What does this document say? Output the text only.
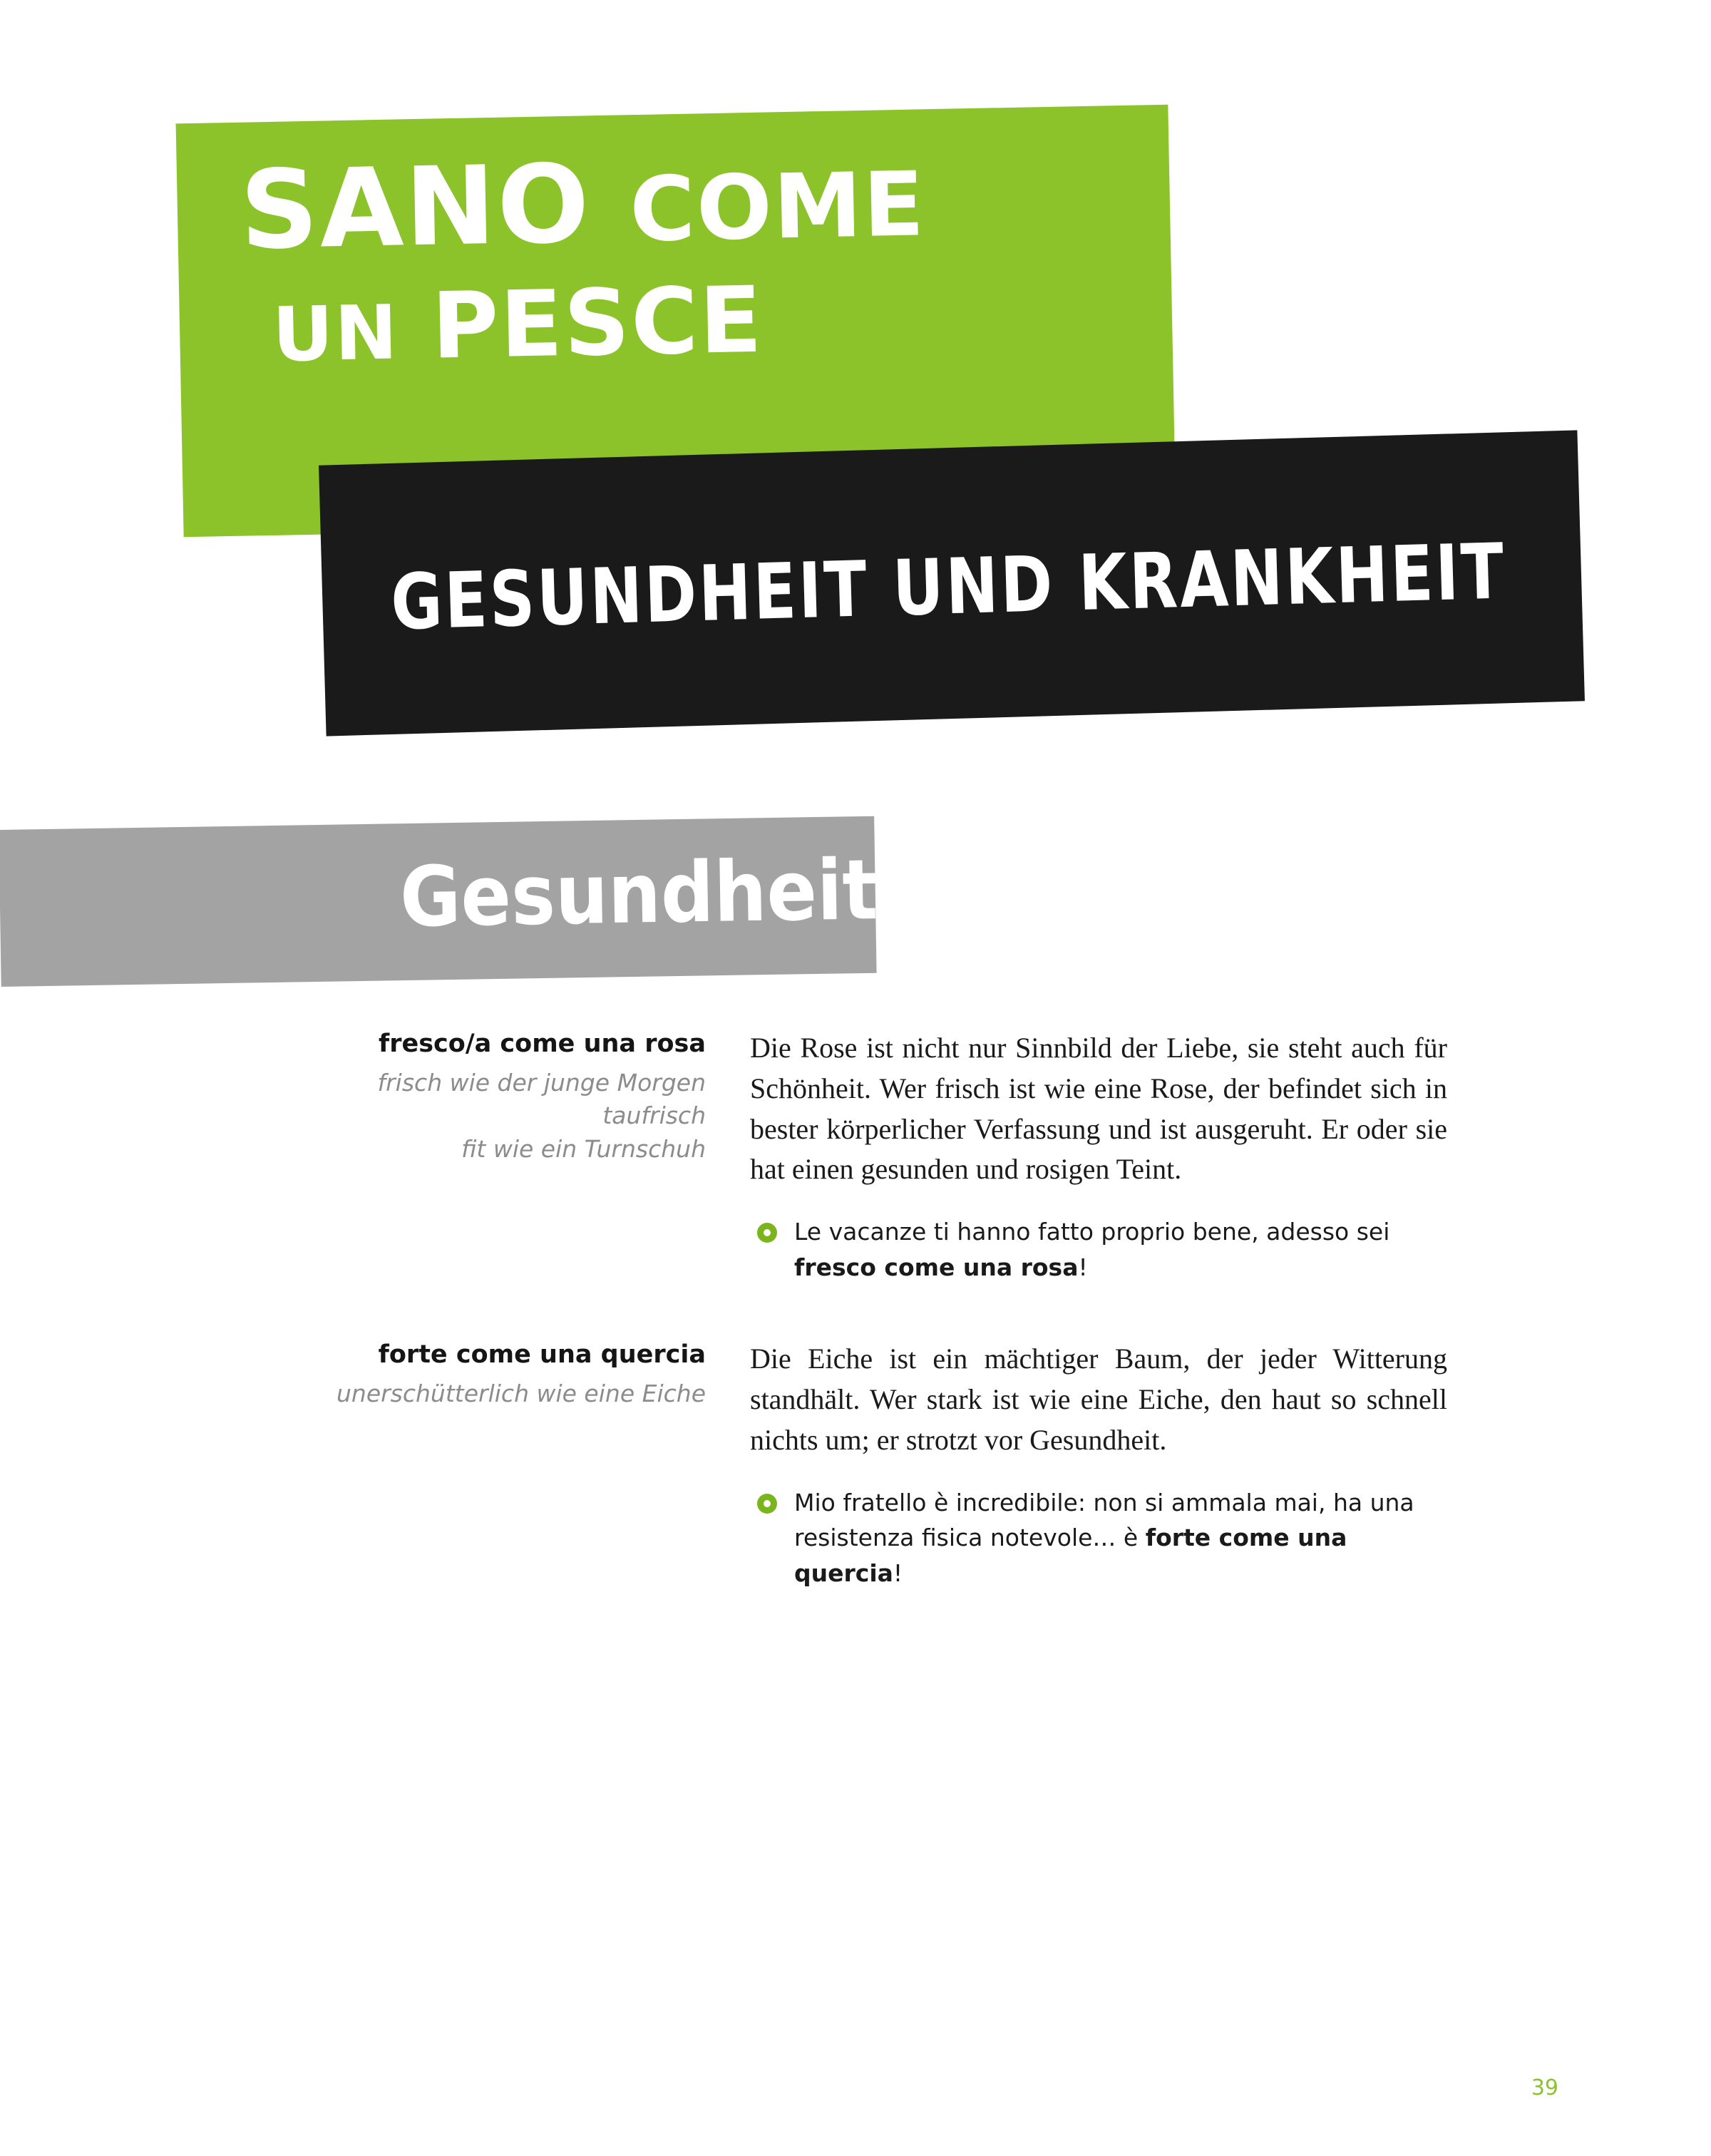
SANO COME
UN PESCE
GESUNDHEIT UND KRANKHEIT
Gesundheit
fresco/a come una rosa
frisch wie der junge Morgen
taufrisch
fit wie ein Turnschuh

Die Rose ist nicht nur Sinnbild der Liebe, sie steht auch für Schönheit. Wer frisch ist wie eine Rose, der befindet sich in bester körperlicher Verfassung und ist ausgeruht. Er oder sie hat einen gesunden und rosigen Teint.

Le vacanze ti hanno fatto proprio bene, adesso sei fresco come una rosa!
forte come una quercia
unerschütterlich wie eine Eiche

Die Eiche ist ein mächtiger Baum, der jeder Witterung standhält. Wer stark ist wie eine Eiche, den haut so schnell nichts um; er strotzt vor Gesundheit.

Mio fratello è incredibile: non si ammala mai, ha una resistenza fisica notevole… è forte come una quercia!
39
